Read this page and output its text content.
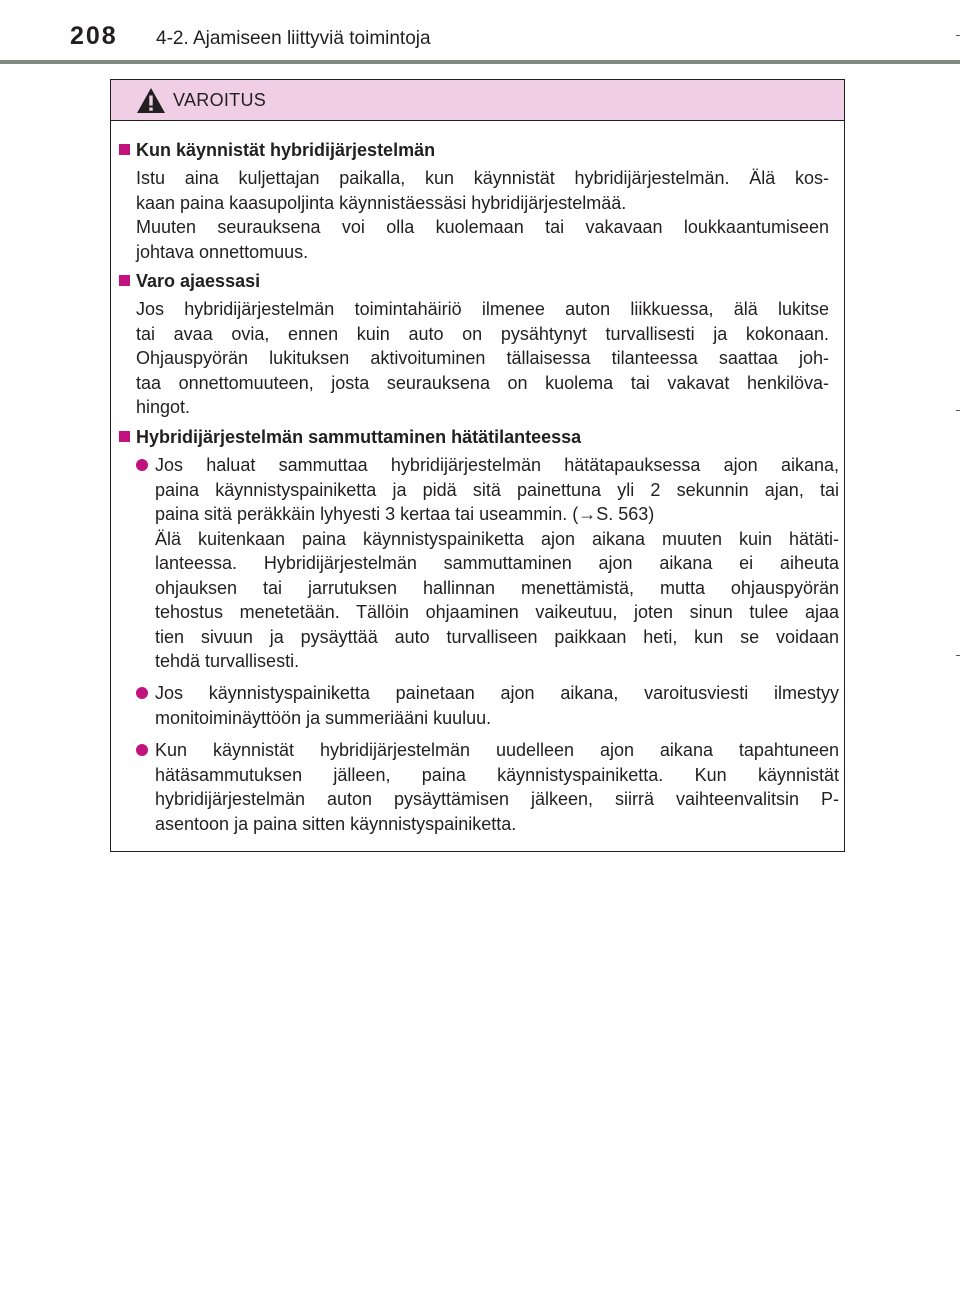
208 4-2. Ajamiseen liittyviä toimintoja
VAROITUS
Kun käynnistät hybridijärjestelmän
Istu aina kuljettajan paikalla, kun käynnistät hybridijärjestelmän. Älä kos-
kaan paina kaasupoljinta käynnistäessäsi hybridijärjestelmää.
Muuten seurauksena voi olla kuolemaan tai vakavaan loukkaantumiseen
johtava onnettomuus.
Varo ajaessasi
Jos hybridijärjestelmän toimintahäiriö ilmenee auton liikkuessa, älä lukitse
tai avaa ovia, ennen kuin auto on pysähtynyt turvallisesti ja kokonaan.
Ohjauspyörän lukituksen aktivoituminen tällaisessa tilanteessa saattaa joh-
taa onnettomuuteen, josta seurauksena on kuolema tai vakavat henkilöva-
hingot.
Hybridijärjestelmän sammuttaminen hätätilanteessa
Jos haluat sammuttaa hybridijärjestelmän hätätapauksessa ajon aikana,
paina käynnistyspainiketta ja pidä sitä painettuna yli 2 sekunnin ajan, tai
paina sitä peräkkäin lyhyesti 3 kertaa tai useammin. (→S. 563)
Älä kuitenkaan paina käynnistyspainiketta ajon aikana muuten kuin hätäti-
lanteessa. Hybridijärjestelmän sammuttaminen ajon aikana ei aiheuta
ohjauksen tai jarrutuksen hallinnan menettämistä, mutta ohjauspyörän
tehostus menetetään. Tällöin ohjaaminen vaikeutuu, joten sinun tulee ajaa
tien sivuun ja pysäyttää auto turvalliseen paikkaan heti, kun se voidaan
tehdä turvallisesti.
Jos käynnistyspainiketta painetaan ajon aikana, varoitusviesti ilmestyy
monitoiminäyttöön ja summeriääni kuuluu.
Kun käynnistät hybridijärjestelmän uudelleen ajon aikana tapahtuneen
hätäsammutuksen jälleen, paina käynnistyspainiketta. Kun käynnistät
hybridijärjestelmän auton pysäyttämisen jälkeen, siirrä vaihteenvalitsin P-
asentoon ja paina sitten käynnistyspainiketta.
